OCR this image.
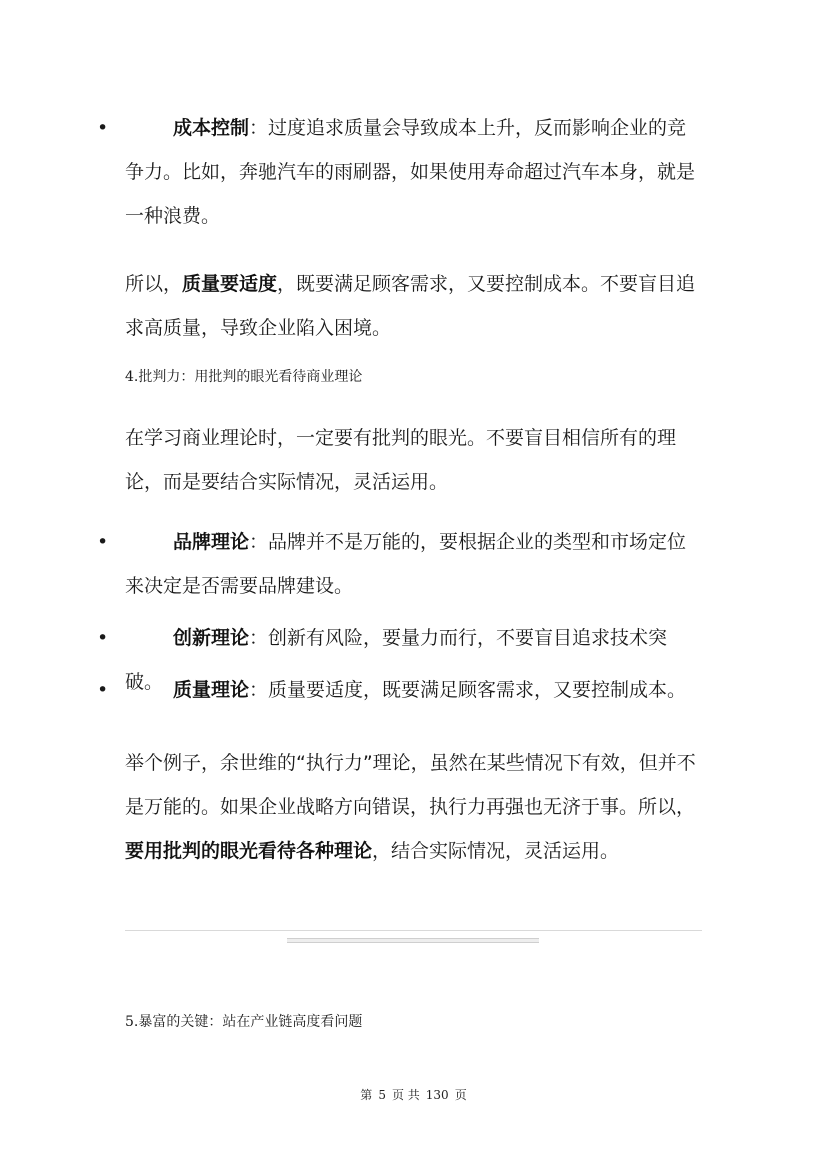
•	成本控制：过度追求质量会导致成本上升，反而影响企业的竞争力。比如，奔驰汽车的雨刷器，如果使用寿命超过汽车本身，就是一种浪费。
所以，质量要适度，既要满足顾客需求，又要控制成本。不要盲目追求高质量，导致企业陷入困境。
4.批判力：用批判的眼光看待商业理论
在学习商业理论时，一定要有批判的眼光。不要盲目相信所有的理论，而是要结合实际情况，灵活运用。
•	品牌理论：品牌并不是万能的，要根据企业的类型和市场定位来决定是否需要品牌建设。
•	创新理论：创新有风险，要量力而行，不要盲目追求技术突破。
•	质量理论：质量要适度，既要满足顾客需求，又要控制成本。
举个例子，余世维的“执行力”理论，虽然在某些情况下有效，但并不是万能的。如果企业战略方向错误，执行力再强也无济于事。所以，要用批判的眼光看待各种理论，结合实际情况，灵活运用。
5.暴富的关键：站在产业链高度看问题
第 5 页 共 130 页
